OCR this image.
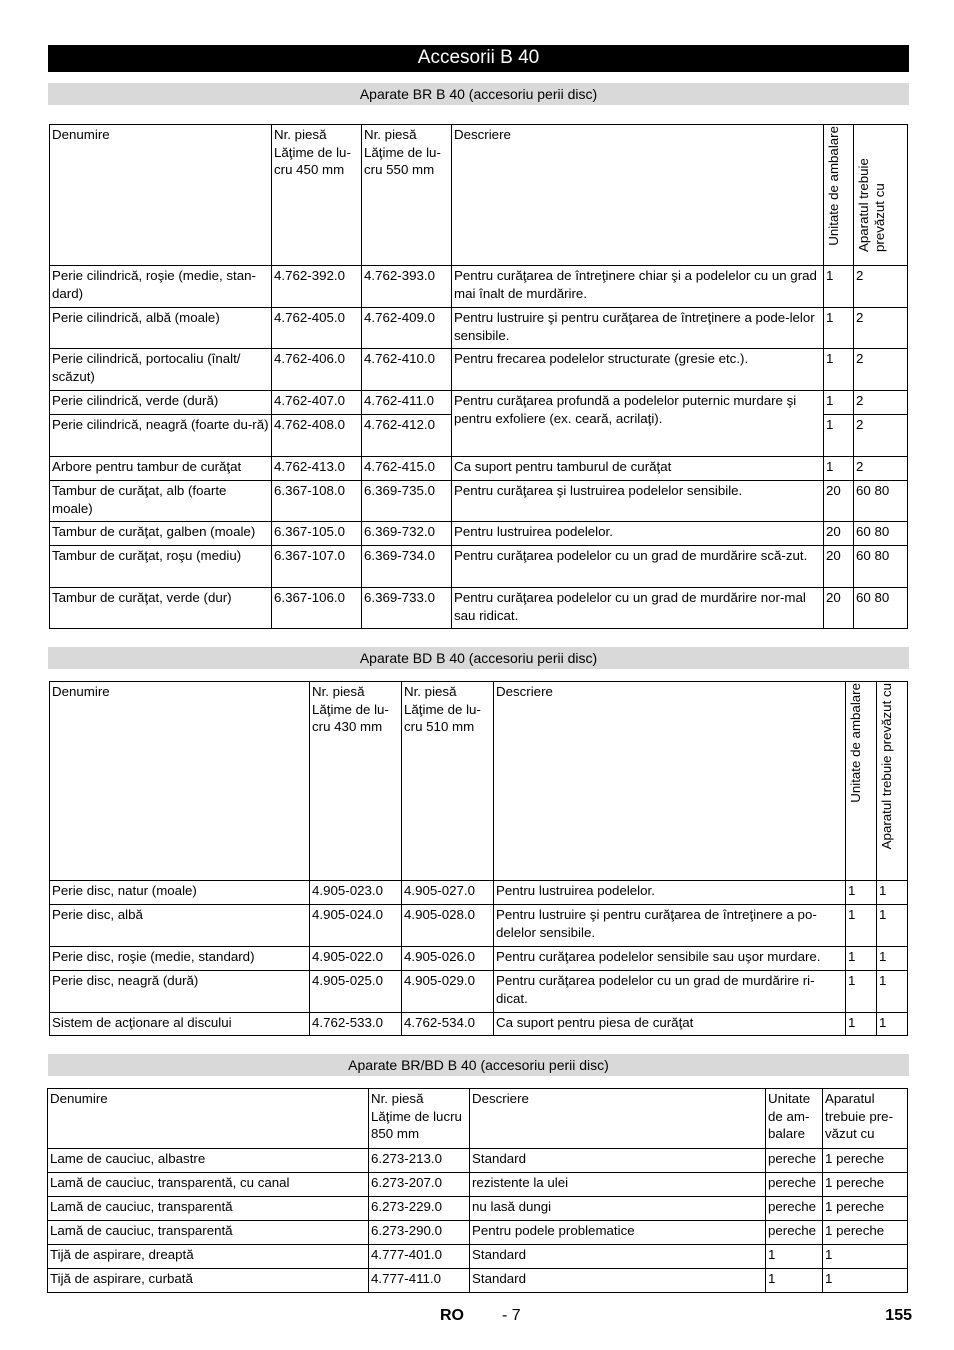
Accesorii B 40
Aparate BR B 40 (accesoriu perii disc)
Denumire	Nr. piesă Lăţime de lu-cru 450 mm	Nr. piesă Lăţime de lu-cru 550 mm	Descriere	Unitate de ambalare	Aparatul trebuie prevăzut cu
Perie cilindrică, roşie (medie, stan-dard)	4.762-392.0	4.762-393.0	Pentru curăţarea de întreţinere chiar şi a podelelor cu un grad mai înalt de murdărire.	1	2
Perie cilindrică, albă (moale)	4.762-405.0	4.762-409.0	Pentru lustruire şi pentru curăţarea de întreţinere a pode-lelor sensibile.	1	2
Perie cilindrică, portocaliu (înalt/ scăzut)	4.762-406.0	4.762-410.0	Pentru frecarea podelelor structurate (gresie etc.).	1	2
Perie cilindrică, verde (dură)	4.762-407.0	4.762-411.0	Pentru curăţarea profundă a podelelor puternic murdare şi pentru exfoliere (ex. ceară, acrilaţi).	1	2
Perie cilindrică, neagră (foarte du-ră)	4.762-408.0	4.762-412.0		1	2
Arbore pentru tambur de curăţat	4.762-413.0	4.762-415.0	Ca suport pentru tamburul de curăţat	1	2
Tambur de curăţat, alb (foarte moale)	6.367-108.0	6.369-735.0	Pentru curăţarea şi lustruirea podelelor sensibile.	20	60 80
Tambur de curăţat, galben (moale)	6.367-105.0	6.369-732.0	Pentru lustruirea podelelor.	20	60 80
Tambur de curăţat, roşu (mediu)	6.367-107.0	6.369-734.0	Pentru curăţarea podelelor cu un grad de murdărire scă-zut.	20	60 80
Tambur de curăţat, verde (dur)	6.367-106.0	6.369-733.0	Pentru curăţarea podelelor cu un grad de murdărire nor-mal sau ridicat.	20	60 80
Aparate BD B 40 (accesoriu perii disc)
Denumire	Nr. piesă Lăţime de lu-cru 430 mm	Nr. piesă Lăţime de lu-cru 510 mm	Descriere	Unitate de ambalare	Aparatul trebuie prevăzut cu
Perie disc, natur (moale)	4.905-023.0	4.905-027.0	Pentru lustruirea podelelor.	1	1
Perie disc, albă	4.905-024.0	4.905-028.0	Pentru lustruire şi pentru curăţarea de întreţinere a po-delelor sensibile.	1	1
Perie disc, roşie (medie, standard)	4.905-022.0	4.905-026.0	Pentru curăţarea podelelor sensibile sau uşor murdare.	1	1
Perie disc, neagră (dură)	4.905-025.0	4.905-029.0	Pentru curăţarea podelelor cu un grad de murdărire ri-dicat.	1	1
Sistem de acţionare al discului	4.762-533.0	4.762-534.0	Ca suport pentru piesa de curăţat	1	1
Aparate BR/BD B 40 (accesoriu perii disc)
Denumire	Nr. piesă Lăţime de lucru 850 mm	Descriere	Unitate de am-balare	Aparatul trebuie pre-văzut cu
Lame de cauciuc, albastre	6.273-213.0	Standard	pereche	1 pereche
Lamă de cauciuc, transparentă, cu canal	6.273-207.0	rezistente la ulei	pereche	1 pereche
Lamă de cauciuc, transparentă	6.273-229.0	nu lasă dungi	pereche	1 pereche
Lamă de cauciuc, transparentă	6.273-290.0	Pentru podele problematice	pereche	1 pereche
Tijă de aspirare, dreaptă	4.777-401.0	Standard	1	1
Tijă de aspirare, curbată	4.777-411.0	Standard	1	1
RO - 7	155
